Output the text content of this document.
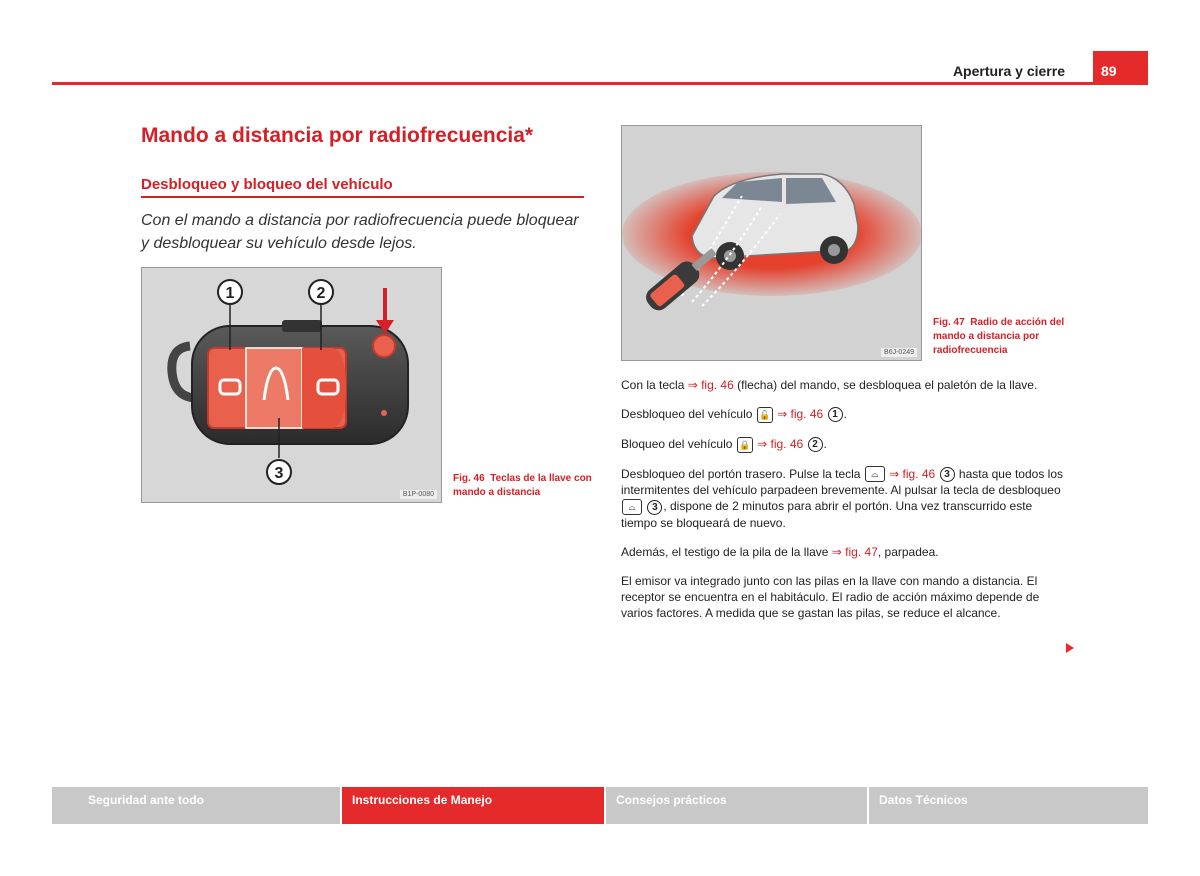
Apertura y cierre	89
Mando a distancia por radiofrecuencia*
Desbloqueo y bloqueo del vehículo
Con el mando a distancia por radiofrecuencia puede bloquear y desbloquear su vehículo desde lejos.
1	2
3
B1P-0080
Fig. 46 Teclas de la llave con mando a distancia
B6J-0249
Fig. 47 Radio de acción del mando a distancia por radiofrecuencia

Con la tecla ⇒ fig. 46 (flecha) del mando, se desbloquea el paletón de la llave.

Desbloqueo del vehículo 🔓 ⇒ fig. 46 1 .

Bloqueo del vehículo 🔒 ⇒ fig. 46 2 .

Desbloqueo del portón trasero. Pulse la tecla ⌓ ⇒ fig. 46 3 hasta que todos los intermitentes del vehículo parpadeen brevemente. Al pulsar la tecla de desbloqueo ⌓ 3 , dispone de 2 minutos para abrir el portón. Una vez transcurrido este tiempo se bloqueará de nuevo.

Además, el testigo de la pila de la llave ⇒ fig. 47, parpadea.

El emisor va integrado junto con las pilas en la llave con mando a distancia. El receptor se encuentra en el habitáculo. El radio de acción máximo depende de varios factores. A medida que se gastan las pilas, se reduce el alcance.

Seguridad ante todo	Instrucciones de Manejo	Consejos prácticos	Datos Técnicos
